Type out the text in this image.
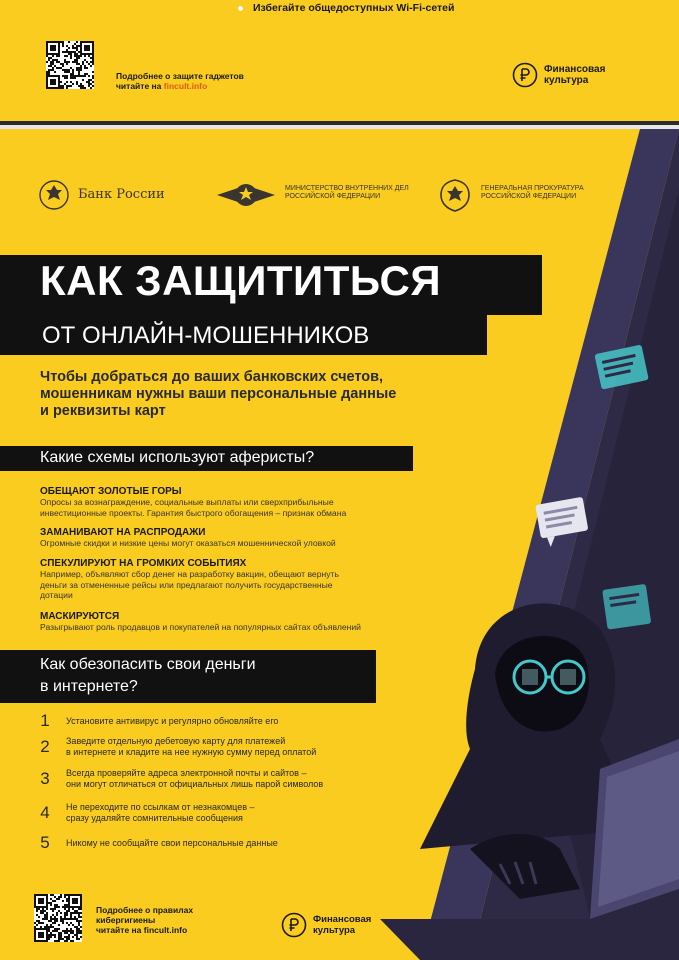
Избегайте общедоступных Wi-Fi-сетей
Подробнее о защите гаджетов
читайте на fincult.info
Финансовая
культура
Банк России	МИНИСТЕРСТВО ВНУТРЕННИХ ДЕЛ
РОССИЙСКОЙ ФЕДЕРАЦИИ
ГЕНЕРАЛЬНАЯ ПРОКУРАТУРА
РОССИЙСКОЙ ФЕДЕРАЦИИ
КАК ЗАЩИТИТЬСЯ
ОТ ОНЛАЙН-МОШЕННИКОВ
Чтобы добраться до ваших банковских счетов,
мошенникам нужны ваши персональные данные
и реквизиты карт
Какие схемы используют аферисты?
ОБЕЩАЮТ ЗОЛОТЫЕ ГОРЫ
Опросы за вознаграждение, социальные выплаты или сверхприбыльные
инвестиционные проекты. Гарантия быстрого обогащения – признак обмана
ЗАМАНИВАЮТ НА РАСПРОДАЖИ
Огромные скидки и низкие цены могут оказаться мошеннической уловкой
СПЕКУЛИРУЮТ НА ГРОМКИХ СОБЫТИЯХ
Например, объявляют сбор денег на разработку вакцин, обещают вернуть
деньги за отмененные рейсы или предлагают получить государственные
дотации
МАСКИРУЮТСЯ
Разыгрывают роль продавцов и покупателей на популярных сайтах объявлений
Как обезопасить свои деньги
в интернете?
1 Установите антивирус и регулярно обновляйте его
2 Заведите отдельную дебетовую карту для платежей
в интернете и кладите на нее нужную сумму перед оплатой
3 Всегда проверяйте адреса электронной почты и сайтов –
они могут отличаться от официальных лишь парой символов
4 Не переходите по ссылкам от незнакомцев –
сразу удаляйте сомнительные сообщения
5 Никому не сообщайте свои персональные данные
Подробнее о правилах
кибергигиены
читайте на fincult.info
Финансовая
культура
